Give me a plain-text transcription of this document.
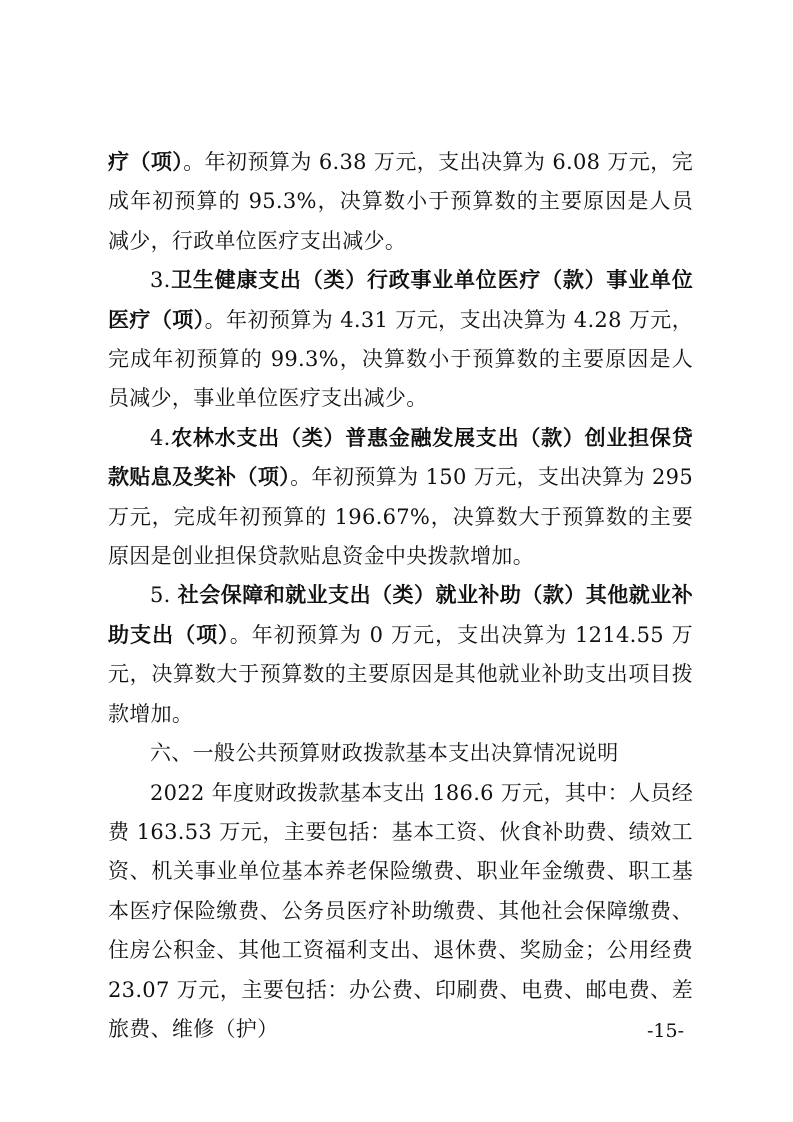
疗（项）。年初预算为 6.38 万元，支出决算为 6.08 万元，完成年初预算的 95.3%，决算数小于预算数的主要原因是人员减少，行政单位医疗支出减少。

3.卫生健康支出（类）行政事业单位医疗（款）事业单位医疗（项）。年初预算为 4.31 万元，支出决算为 4.28 万元，完成年初预算的 99.3%，决算数小于预算数的主要原因是人员减少，事业单位医疗支出减少。

4.农林水支出（类）普惠金融发展支出（款）创业担保贷款贴息及奖补（项）。年初预算为 150 万元，支出决算为 295 万元，完成年初预算的 196.67%，决算数大于预算数的主要原因是创业担保贷款贴息资金中央拨款增加。

5. 社会保障和就业支出（类）就业补助（款）其他就业补助支出（项）。年初预算为 0 万元，支出决算为 1214.55 万元，决算数大于预算数的主要原因是其他就业补助支出项目拨款增加。

六、一般公共预算财政拨款基本支出决算情况说明

2022 年度财政拨款基本支出 186.6 万元，其中：人员经费 163.53 万元，主要包括：基本工资、伙食补助费、绩效工资、机关事业单位基本养老保险缴费、职业年金缴费、职工基本医疗保险缴费、公务员医疗补助缴费、其他社会保障缴费、住房公积金、其他工资福利支出、退休费、奖励金；公用经费 23.07 万元，主要包括：办公费、印刷费、电费、邮电费、差旅费、维修（护）	-15-
